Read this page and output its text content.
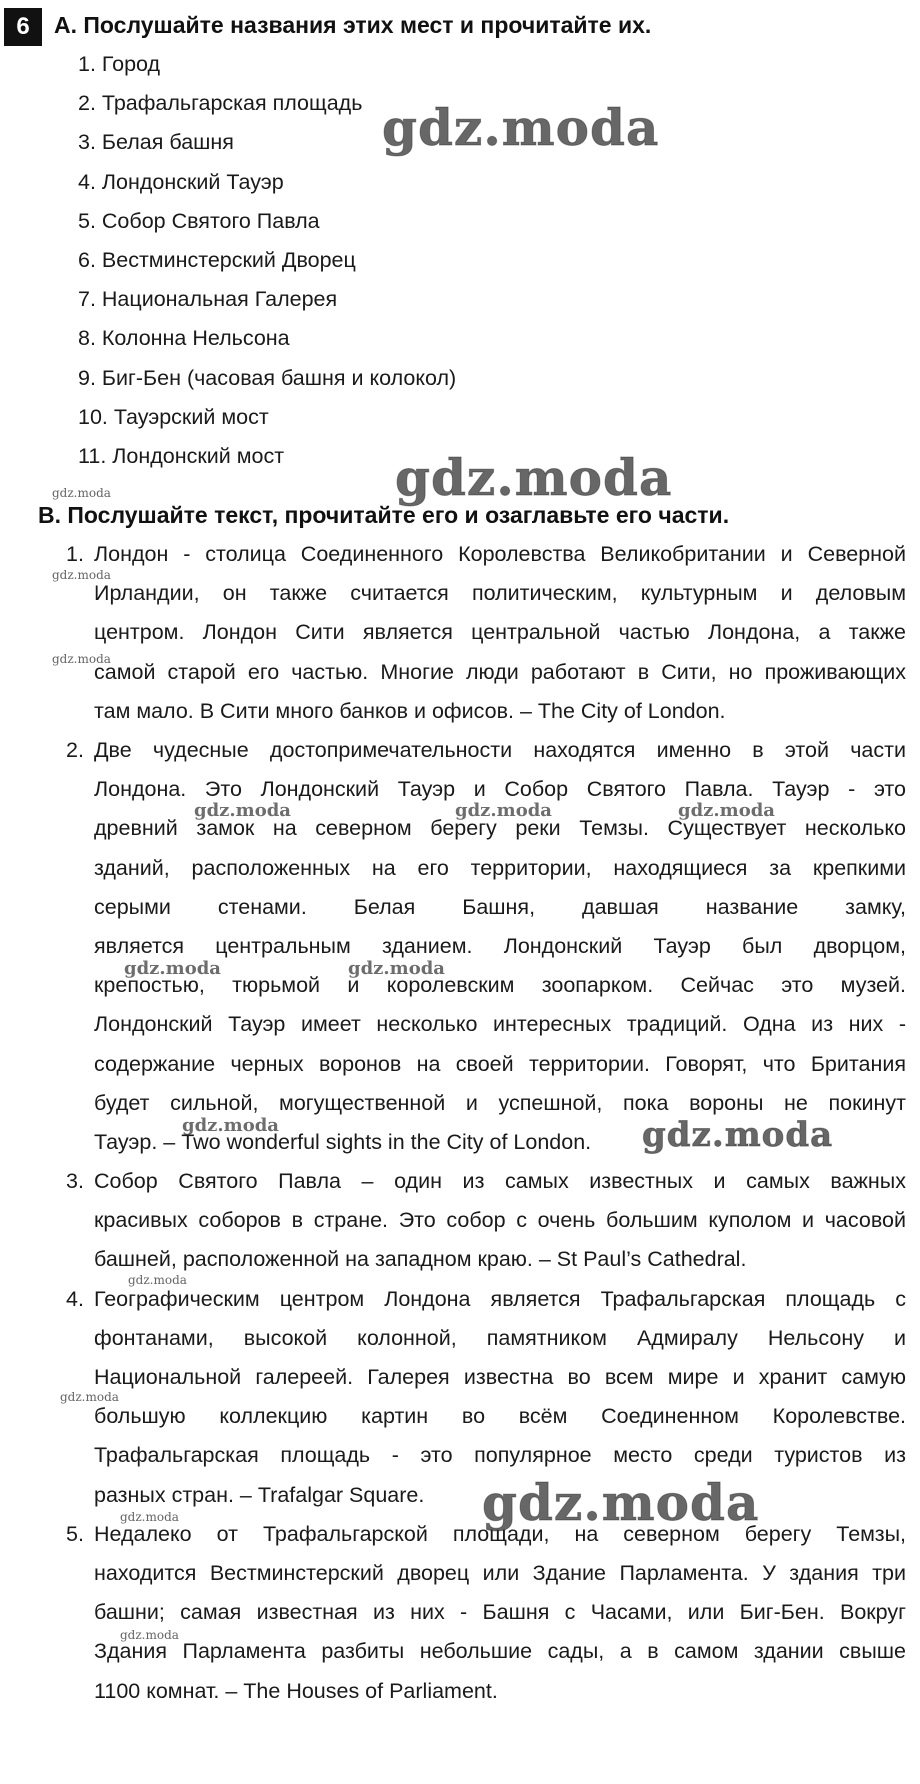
6	A. Послушайте названия этих мест и прочитайте их.
1. Город
2. Трафальгарская площадь
3. Белая башня
4. Лондонский Тауэр
5. Собор Святого Павла
6. Вестминстерский Дворец
7. Национальная Галерея
8. Колонна Нельсона
9. Биг-Бен (часовая башня и колокол)
10. Тауэрский мост
11. Лондонский мост
B. Послушайте текст, прочитайте его и озаглавьте его части.
1. Лондон - столица Соединенного Королевства Великобритании и Северной
Ирландии, он также считается политическим, культурным и деловым
центром. Лондон Сити является центральной частью Лондона, а также
самой старой его частью. Многие люди работают в Сити, но проживающих
там мало. В Сити много банков и офисов. – The City of London.
2. Две чудесные достопримечательности находятся именно в этой части
Лондона. Это Лондонский Тауэр и Собор Святого Павла. Тауэр - это
древний замок на северном берегу реки Темзы. Существует несколько
зданий, расположенных на его территории, находящиеся за крепкими
серыми стенами. Белая Башня, давшая название замку,
является центральным зданием. Лондонский Тауэр был дворцом,
крепостью, тюрьмой и королевским зоопарком. Сейчас это музей.
Лондонский Тауэр имеет несколько интересных традиций. Одна из них -
содержание черных воронов на своей территории. Говорят, что Британия
будет сильной, могущественной и успешной, пока вороны не покинут
Тауэр. – Two wonderful sights in the City of London.
3. Собор Святого Павла – один из самых известных и самых важных
красивых соборов в стране. Это собор с очень большим куполом и часовой
башней, расположенной на западном краю. – St Paul’s Cathedral.
4. Географическим центром Лондона является Трафальгарская площадь с
фонтанами, высокой колонной, памятником Адмиралу Нельсону и
Национальной галереей. Галерея известна во всем мире и хранит самую
большую коллекцию картин во всём Соединенном Королевстве.
Трафальгарская площадь - это популярное место среди туристов из
разных стран. – Trafalgar Square.
5. Недалеко от Трафальгарской площади, на северном берегу Темзы,
находится Вестминстерский дворец или Здание Парламента. У здания три
башни; самая известная из них - Башня с Часами, или Биг-Бен. Вокруг
Здания Парламента разбиты небольшие сады, а в самом здании свыше
1100 комнат. – The Houses of Parliament.
gdz.moda
gdz.moda
gdz.moda
gdz.moda
gdz.moda	gdz.moda	gdz.moda
gdz.moda	gdz.moda
gdz.moda
gdz.moda
gdz.moda
gdz.moda
gdz.moda
gdz.moda
gdz.moda
gdz.moda
